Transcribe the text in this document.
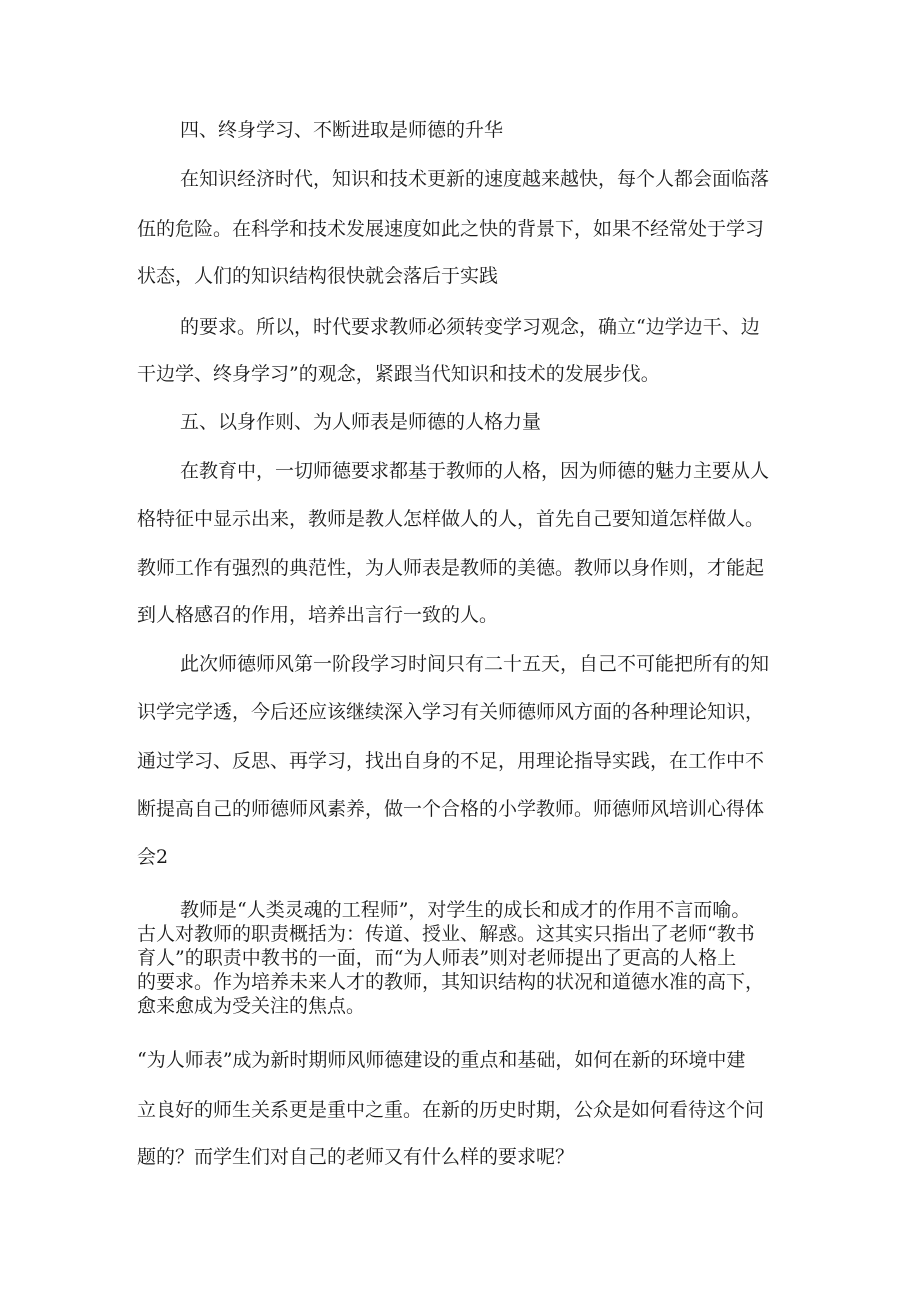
四、终身学习、不断进取是师德的升华
在知识经济时代，知识和技术更新的速度越来越快，每个人都会面临落
伍的危险。在科学和技术发展速度如此之快的背景下，如果不经常处于学习
状态，人们的知识结构很快就会落后于实践
的要求。所以，时代要求教师必须转变学习观念，确立“边学边干、边
干边学、终身学习”的观念，紧跟当代知识和技术的发展步伐。
五、以身作则、为人师表是师德的人格力量
在教育中，一切师德要求都基于教师的人格，因为师德的魅力主要从人
格特征中显示出来，教师是教人怎样做人的人，首先自己要知道怎样做人。
教师工作有强烈的典范性，为人师表是教师的美德。教师以身作则，才能起
到人格感召的作用，培养出言行一致的人。
此次师德师风第一阶段学习时间只有二十五天，自己不可能把所有的知
识学完学透，今后还应该继续深入学习有关师德师风方面的各种理论知识，
通过学习、反思、再学习，找出自身的不足，用理论指导实践，在工作中不
断提高自己的师德师风素养，做一个合格的小学教师。师德师风培训心得体
会2
教师是“人类灵魂的工程师”，对学生的成长和成才的作用不言而喻。
古人对教师的职责概括为：传道、授业、解惑。这其实只指出了老师“教书
育人”的职责中教书的一面，而“为人师表”则对老师提出了更高的人格上
的要求。作为培养未来人才的教师，其知识结构的状况和道德水准的高下，
愈来愈成为受关注的焦点。
“为人师表”成为新时期师风师德建设的重点和基础，如何在新的环境中建
立良好的师生关系更是重中之重。在新的历史时期，公众是如何看待这个问
题的？而学生们对自己的老师又有什么样的要求呢？
